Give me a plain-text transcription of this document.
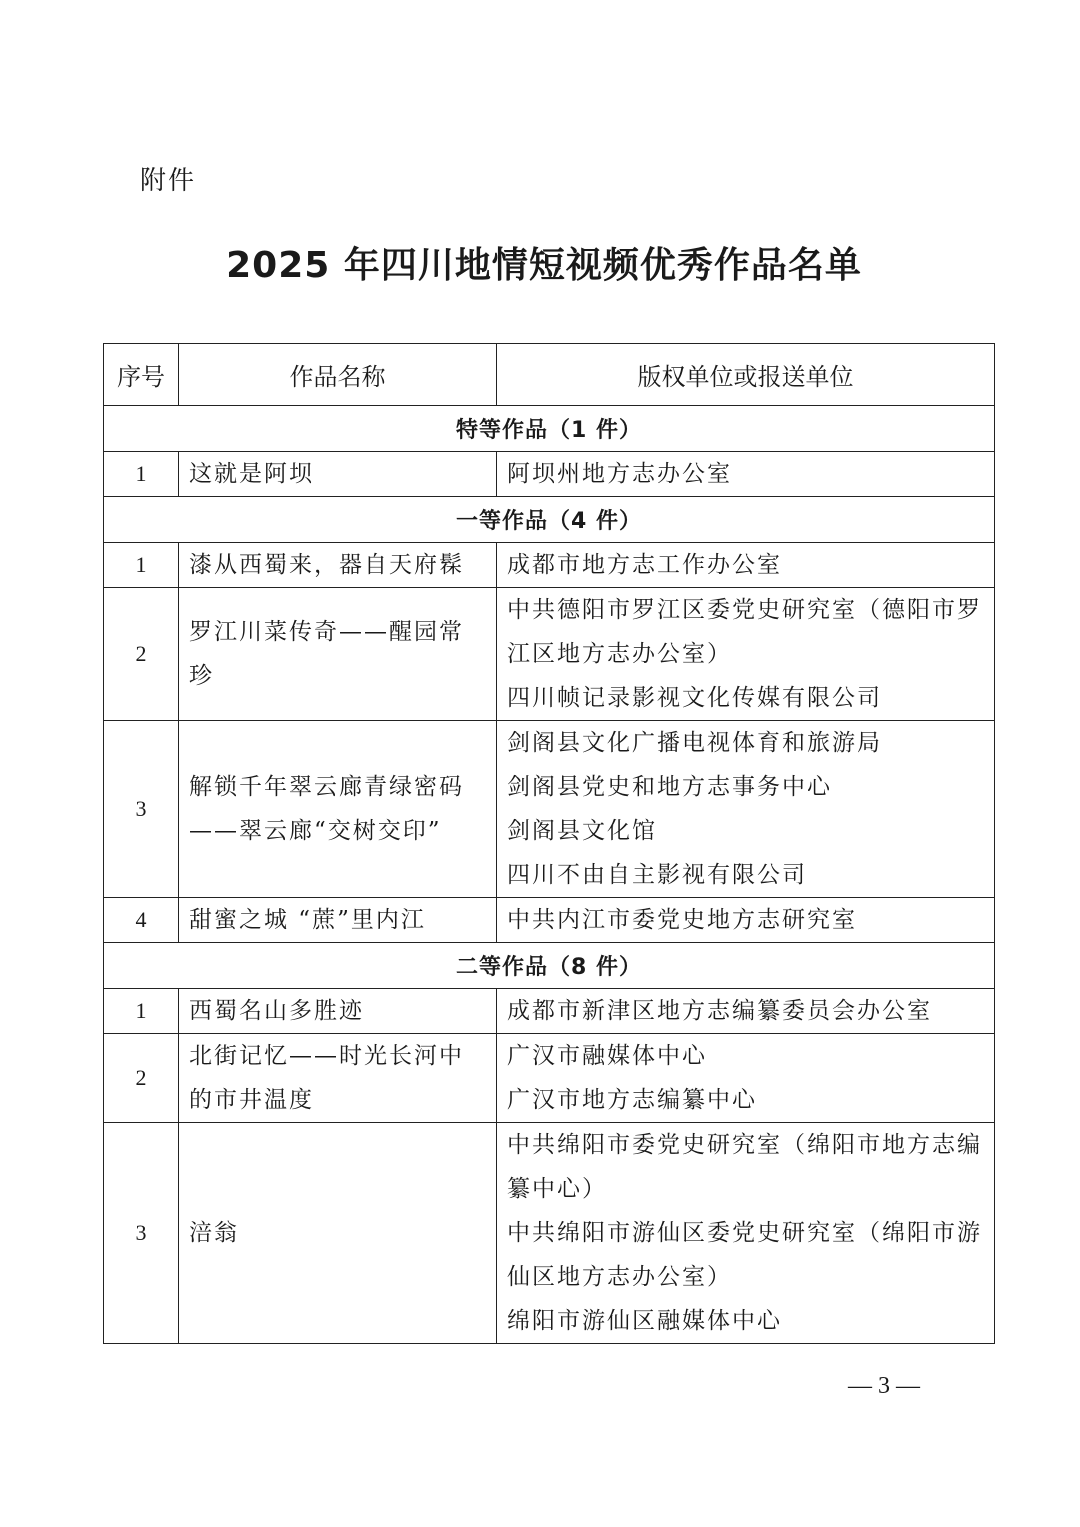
附件
2025 年四川地情短视频优秀作品名单
序号	作品名称	版权单位或报送单位
特等作品（1 件）		
1	这就是阿坝	阿坝州地方志办公室

一等作品（4 件）		
1	漆从西蜀来，器自天府髹	成都市地方志工作办公室

2	罗江川菜传奇——醒园常珍	中共德阳市罗江区委党史研究室（德阳市罗江区地方志办公室）
四川帧记录影视文化传媒有限公司

3	解锁千年翠云廊青绿密码——翠云廊“交树交印”	剑阁县文化广播电视体育和旅游局
剑阁县党史和地方志事务中心
剑阁县文化馆
四川不由自主影视有限公司

4	甜蜜之城 “蔗”里内江	中共内江市委党史地方志研究室

二等作品（8 件）		
1	西蜀名山多胜迹	成都市新津区地方志编纂委员会办公室

2	北街记忆——时光长河中的市井温度	广汉市融媒体中心
广汉市地方志编纂中心

3	涪翁	中共绵阳市委党史研究室（绵阳市地方志编纂中心）
中共绵阳市游仙区委党史研究室（绵阳市游仙区地方志办公室）
绵阳市游仙区融媒体中心
— 3 —
